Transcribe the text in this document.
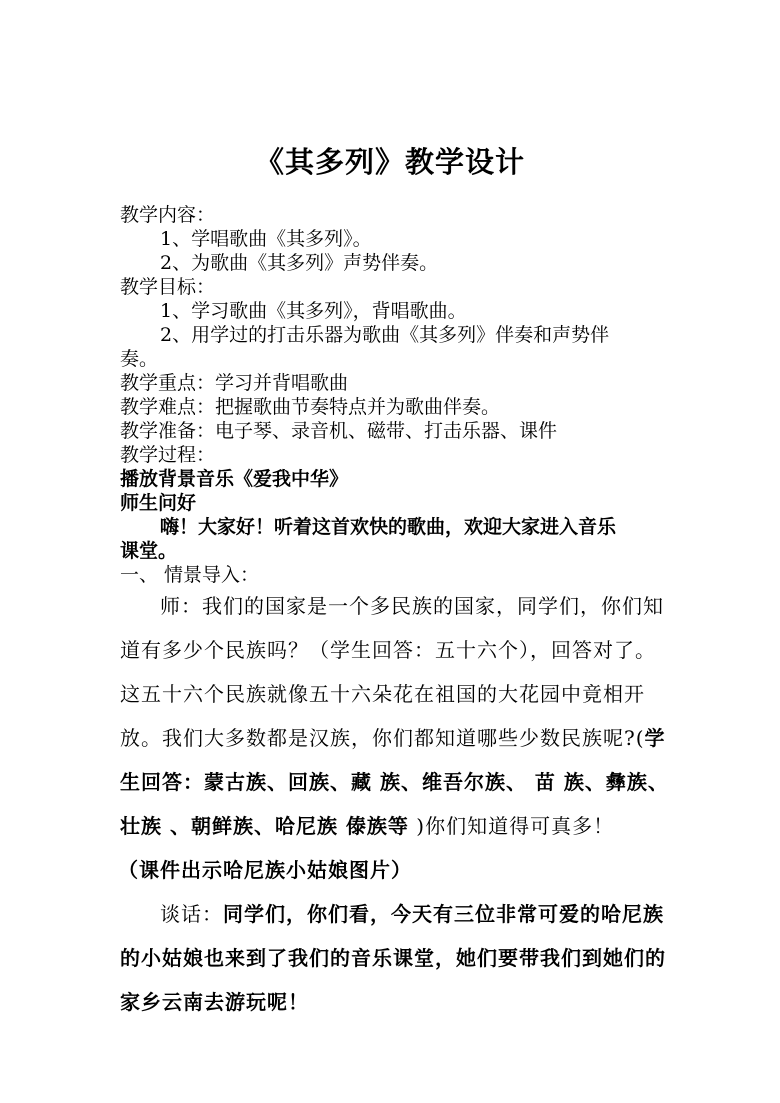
《其多列》教学设计
教学内容：
1、学唱歌曲《其多列》。
2、为歌曲《其多列》声势伴奏。
教学目标：
1、学习歌曲《其多列》，背唱歌曲。
2、用学过的打击乐器为歌曲《其多列》伴奏和声势伴
奏。
教学重点：学习并背唱歌曲
教学难点：把握歌曲节奏特点并为歌曲伴奏。
教学准备：电子琴、录音机、磁带、打击乐器、课件
教学过程：
播放背景音乐《爱我中华》
师生问好
嗨！大家好！听着这首欢快的歌曲，欢迎大家进入音乐
课堂。
一、 情景导入：
师：我们的国家是一个多民族的国家，同学们，你们知
道有多少个民族吗？（学生回答：五十六个），回答对了。
这五十六个民族就像五十六朵花在祖国的大花园中竟相开
放。我们大多数都是汉族，你们都知道哪些少数民族呢?(学
生回答：蒙古族、回族、藏 族、维吾尔族、 苗 族、彝族、
壮族 、朝鲜族、哈尼族 傣族等 )你们知道得可真多！
（课件出示哈尼族小姑娘图片）
谈话：同学们，你们看，今天有三位非常可爱的哈尼族
的小姑娘也来到了我们的音乐课堂，她们要带我们到她们的
家乡云南去游玩呢！
